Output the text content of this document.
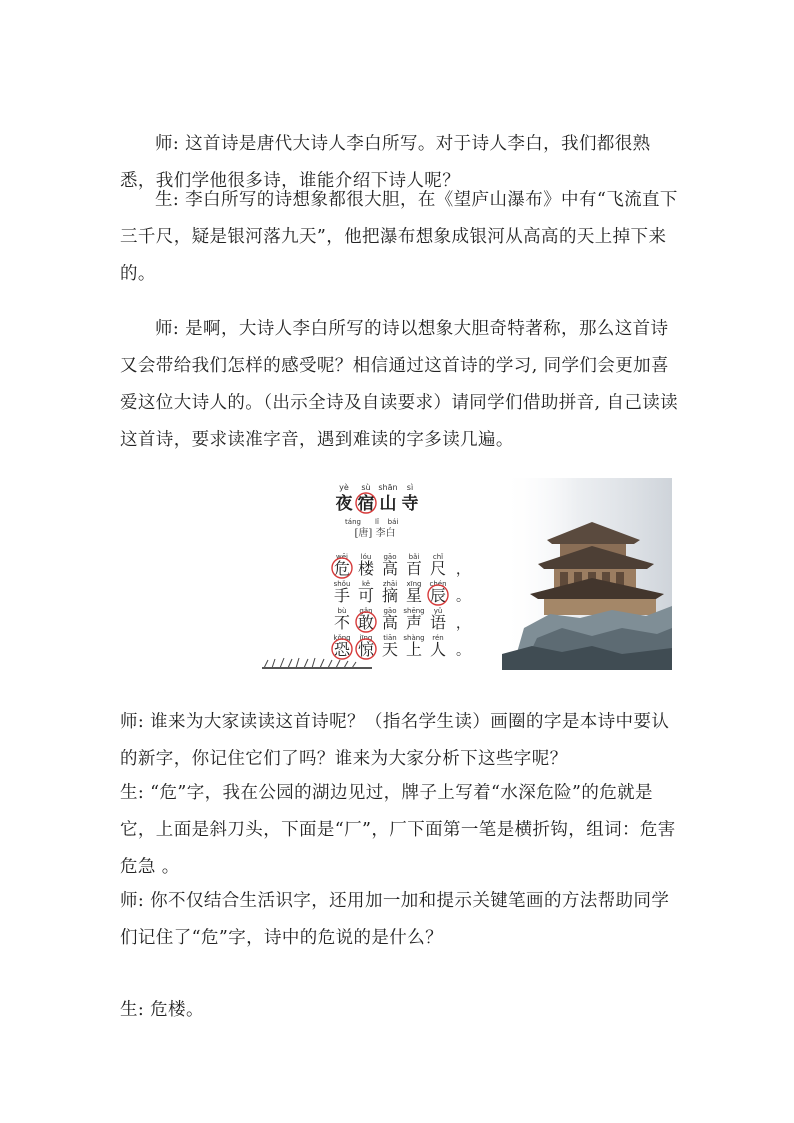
师: 这首诗是唐代大诗人李白所写。对于诗人李白，我们都很熟悉，我们学他很多诗，谁能介绍下诗人呢？

生: 李白所写的诗想象都很大胆，在《望庐山瀑布》中有“飞流直下三千尺，疑是银河落九天”，他把瀑布想象成银河从高高的天上掉下来的。

师: 是啊，大诗人李白所写的诗以想象大胆奇特著称，那么这首诗又会带给我们怎样的感受呢？相信通过这首诗的学习, 同学们会更加喜爱这位大诗人的。（出示全诗及自读要求）请同学们借助拼音, 自己读读这首诗，要求读准字音，遇到难读的字多读几遍。

yè sù shān sì
夜 宿 山 寺
táng lǐ bái
[唐] 李白
wēi
危
lóu
楼
gāo
高
bǎi
百
chǐ
尺 ，
shǒu
手
kě
可
zhāi
摘
xīng
星
chén
辰 。
bù
不
gǎn
敢
gāo
高
shēng
声
yǔ
语 ，
kǒng
恐
jīng
惊
tiān
天
shàng
上
rén
人 。

师: 谁来为大家读读这首诗呢？（指名学生读）画圈的字是本诗中要认的新字，你记住它们了吗？谁来为大家分析下这些字呢？

生: “危”字，我在公园的湖边见过，牌子上写着“水深危险”的危就是它，上面是斜刀头，下面是“厂”，厂下面第一笔是横折钩，组词：危害 危急 。

师: 你不仅结合生活识字，还用加一加和提示关键笔画的方法帮助同学们记住了“危”字，诗中的危说的是什么？

生: 危楼。
